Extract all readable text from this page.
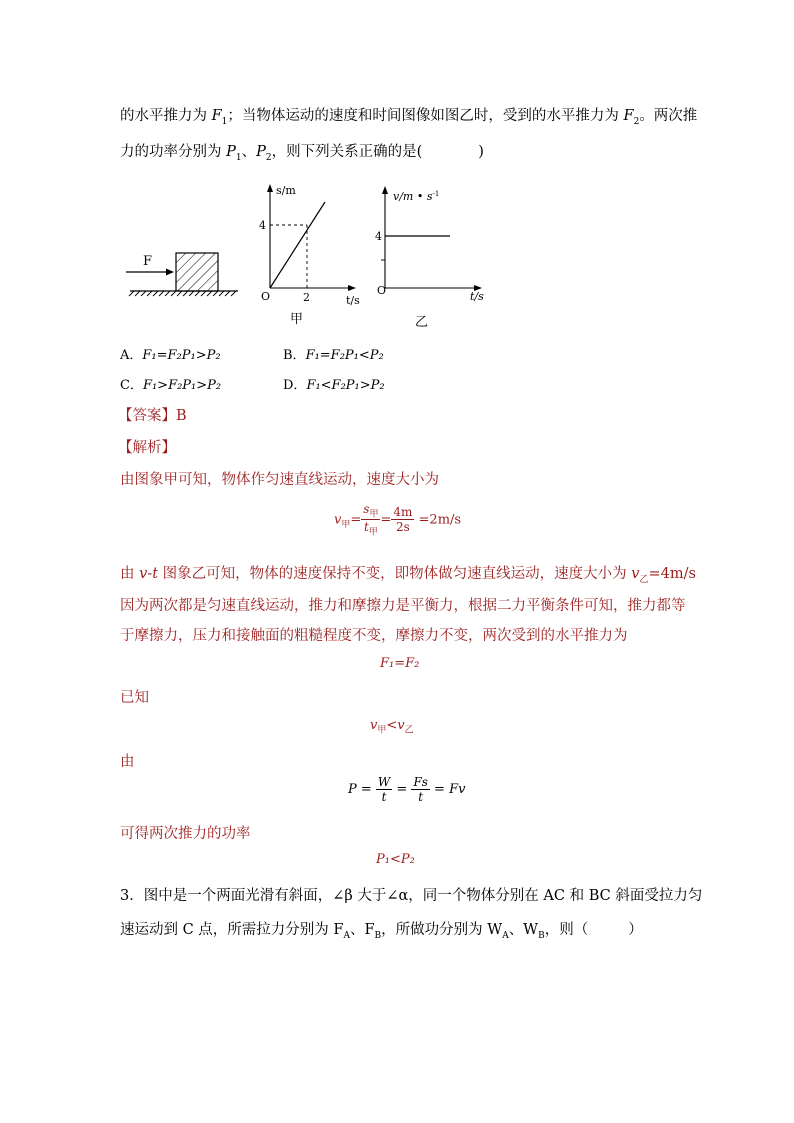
的水平推力为 $F_1$；当物体运动的速度和时间图像如图乙时，受到的水平推力为 $F_2$。两次推
力的功率分别为 $P_1$、$P_2$，则下列关系正确的是(	)
F
s/m
t/s
O
4
2
甲
v/m • $s^{-1}$
t/s
O
4
乙
A．F₁=F₂P₁>P₂	B．F₁=F₂P₁<P₂
C．F₁>F₂P₁>P₂	D．F₁<F₂P₁>P₂
【答案】B
【解析】
由图象甲可知，物体作匀速直线运动，速度大小为
$v_甲= \frac{s_甲}{t_甲} = \frac{4m}{2s} =2m/s$
由 v-t 图象乙可知，物体的速度保持不变，即物体做匀速直线运动，速度大小为 $v_乙=4m/s$
因为两次都是匀速直线运动，推力和摩擦力是平衡力，根据二力平衡条件可知，推力都等
于摩擦力，压力和接触面的粗糙程度不变，摩擦力不变，两次受到的水平推力为
F₁=F₂
已知
$v_甲<v_乙$
由
$P = \frac{W}{t} = \frac{Fs}{t} = Fv$
可得两次推力的功率
P₁<P₂
3．图中是一个两面光滑有斜面，∠β 大于∠α，同一个物体分别在 AC 和 BC 斜面受拉力匀
速运动到 C 点，所需拉力分别为 $F_A$、$F_B$，所做功分别为 $W_A$、$W_B$，则（	）
